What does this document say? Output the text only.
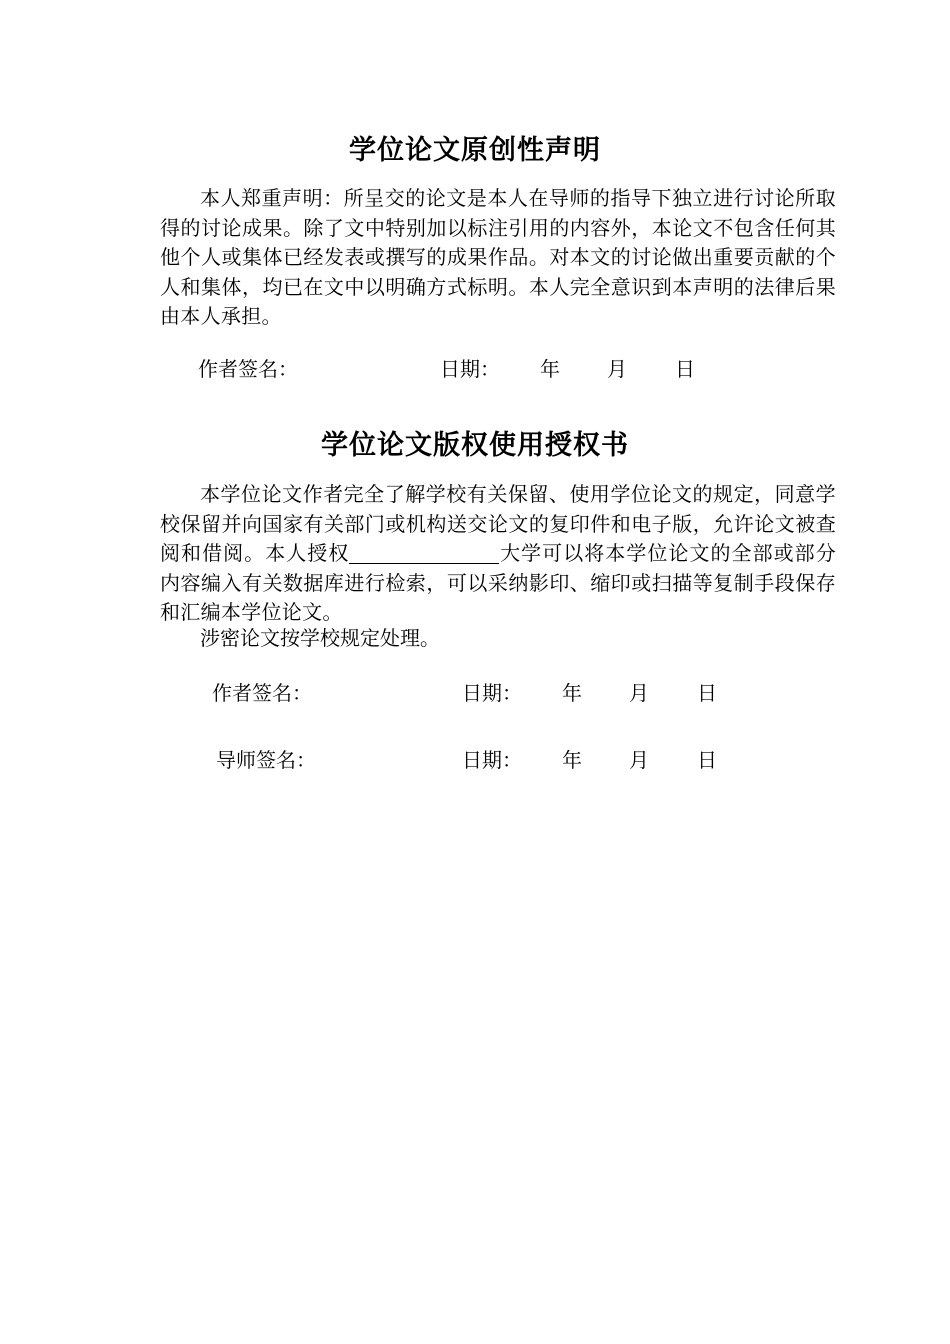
学位论文原创性声明

本人郑重声明：所呈交的论文是本人在导师的指导下独立进行讨论所取得的讨论成果。除了文中特别加以标注引用的内容外，本论文不包含任何其他个人或集体已经发表或撰写的成果作品。对本文的讨论做出重要贡献的个人和集体，均已在文中以明确方式标明。本人完全意识到本声明的法律后果由本人承担。

作者签名：	日期： 年 月 日
学位论文版权使用授权书

本学位论文作者完全了解学校有关保留、使用学位论文的规定，同意学校保留并向国家有关部门或机构送交论文的复印件和电子版，允许论文被查阅和借阅。本人授权	大学可以将本学位论文的全部或部分内容编入有关数据库进行检索，可以采纳影印、缩印或扫描等复制手段保存和汇编本学位论文。

涉密论文按学校规定处理。

作者签名：	日期： 年 月 日
导师签名：	日期： 年 月 日
